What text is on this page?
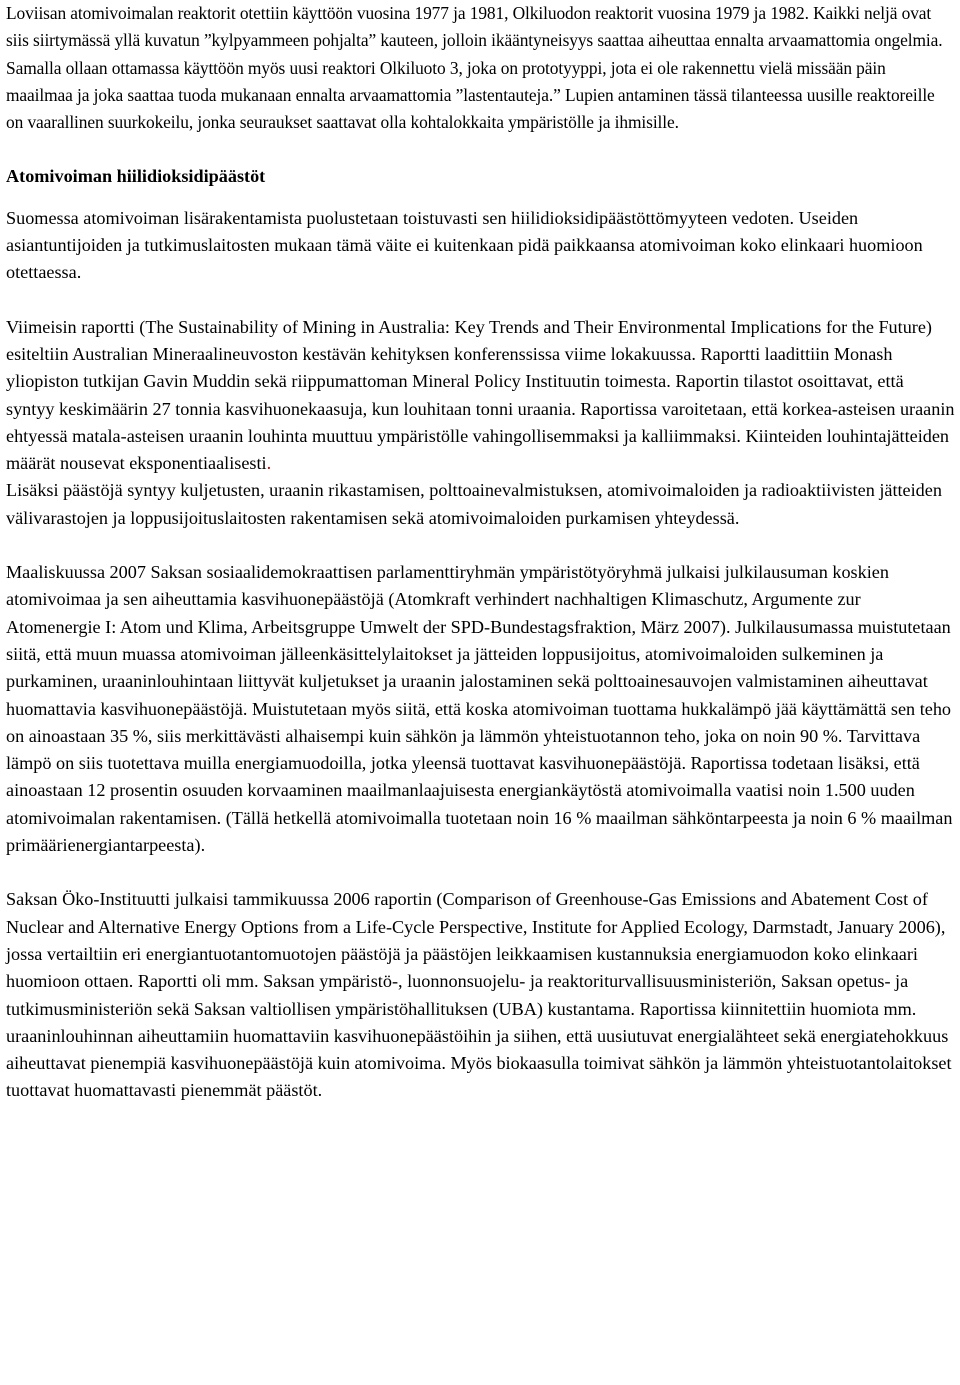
Loviisan atomivoimalan reaktorit otettiin käyttöön vuosina 1977 ja 1981, Olkiluodon reaktorit vuosina 1979 ja 1982. Kaikki neljä ovat siis siirtymässä yllä kuvatun ”kylpyammeen pohjalta” kauteen, jolloin ikääntyneisyys saattaa aiheuttaa ennalta arvaamattomia ongelmia. Samalla ollaan ottamassa käyttöön myös uusi reaktori Olkiluoto 3, joka on prototyyppi, jota ei ole rakennettu vielä missään päin maailmaa ja joka saattaa tuoda mukanaan ennalta arvaamattomia ”lastentauteja.” Lupien antaminen tässä tilanteessa uusille reaktoreille on vaarallinen suurkokeilu, jonka seuraukset saattavat olla kohtalokkaita ympäristölle ja ihmisille.

Atomivoiman hiilidioksidipäästöt

Suomessa atomivoiman lisärakentamista puolustetaan toistuvasti sen hiilidioksidipäästöttömyyteen vedoten. Useiden asiantuntijoiden ja tutkimuslaitosten mukaan tämä väite ei kuitenkaan pidä paikkaansa atomivoiman koko elinkaari huomioon otettaessa.

Viimeisin raportti (The Sustainability of Mining in Australia: Key Trends and Their Environmental Implications for the Future) esiteltiin Australian Mineraalineuvoston kestävän kehityksen konferenssissa viime lokakuussa. Raportti laadittiin Monash yliopiston tutkijan Gavin Muddin sekä riippumattoman Mineral Policy Instituutin toimesta. Raportin tilastot osoittavat, että syntyy keskimäärin 27 tonnia kasvihuonekaasuja, kun louhitaan tonni uraania. Raportissa varoitetaan, että korkea-asteisen uraanin ehtyessä matala-asteisen uraanin louhinta muuttuu ympäristölle vahingollisemmaksi ja kalliimmaksi. Kiinteiden louhintajätteiden määrät nousevat eksponentiaalisesti.

Lisäksi päästöjä syntyy kuljetusten, uraanin rikastamisen, polttoainevalmistuksen, atomivoimaloiden ja radioaktiivisten jätteiden välivarastojen ja loppusijoituslaitosten rakentamisen sekä atomivoimaloiden purkamisen yhteydessä.

Maaliskuussa 2007 Saksan sosiaalidemokraattisen parlamenttiryhmän ympäristötyöryhmä julkaisi julkilausuman koskien atomivoimaa ja sen aiheuttamia kasvihuonepäästöjä (Atomkraft verhindert nachhaltigen Klimaschutz, Argumente zur Atomenergie I: Atom und Klima, Arbeitsgruppe Umwelt der SPD-Bundestagsfraktion, März 2007). Julkilausumassa muistutetaan siitä, että muun muassa atomivoiman jälleenkäsittelylaitokset ja jätteiden loppusijoitus, atomivoimaloiden sulkeminen ja purkaminen, uraaninlouhintaan liittyvät kuljetukset ja uraanin jalostaminen sekä polttoainesauvojen valmistaminen aiheuttavat huomattavia kasvihuonepäästöjä. Muistutetaan myös siitä, että koska atomivoiman tuottama hukkalämpö jää käyttämättä sen teho on ainoastaan 35 %, siis merkittävästi alhaisempi kuin sähkön ja lämmön yhteistuotannon teho, joka on noin 90 %. Tarvittava lämpö on siis tuotettava muilla energiamuodoilla, jotka yleensä tuottavat kasvihuonepäästöjä. Raportissa todetaan lisäksi, että ainoastaan 12 prosentin osuuden korvaaminen maailmanlaajuisesta energiankäytöstä atomivoimalla vaatisi noin 1.500 uuden atomivoimalan rakentamisen. (Tällä hetkellä atomivoimalla tuotetaan noin 16 % maailman sähköntarpeesta ja noin 6 % maailman primäärienergiantarpeesta).

Saksan Öko-Instituutti julkaisi tammikuussa 2006 raportin (Comparison of Greenhouse-Gas Emissions and Abatement Cost of Nuclear and Alternative Energy Options from a Life-Cycle Perspective, Institute for Applied Ecology, Darmstadt, January 2006), jossa vertailtiin eri energiantuotantomuotojen päästöjä ja päästöjen leikkaamisen kustannuksia energiamuodon koko elinkaari huomioon ottaen. Raportti oli mm. Saksan ympäristö-, luonnonsuojelu- ja reaktoriturvallisuusministeriön, Saksan opetus- ja tutkimusministeriön sekä Saksan valtiollisen ympäristöhallituksen (UBA) kustantama. Raportissa kiinnitettiin huomiota mm. uraaninlouhinnan aiheuttamiin huomattaviin kasvihuonepäästöihin ja siihen, että uusiutuvat energialähteet sekä energiatehokkuus aiheuttavat pienempiä kasvihuonepäästöjä kuin atomivoima. Myös biokaasulla toimivat sähkön ja lämmön yhteistuotantolaitokset tuottavat huomattavasti pienemmät päästöt.
